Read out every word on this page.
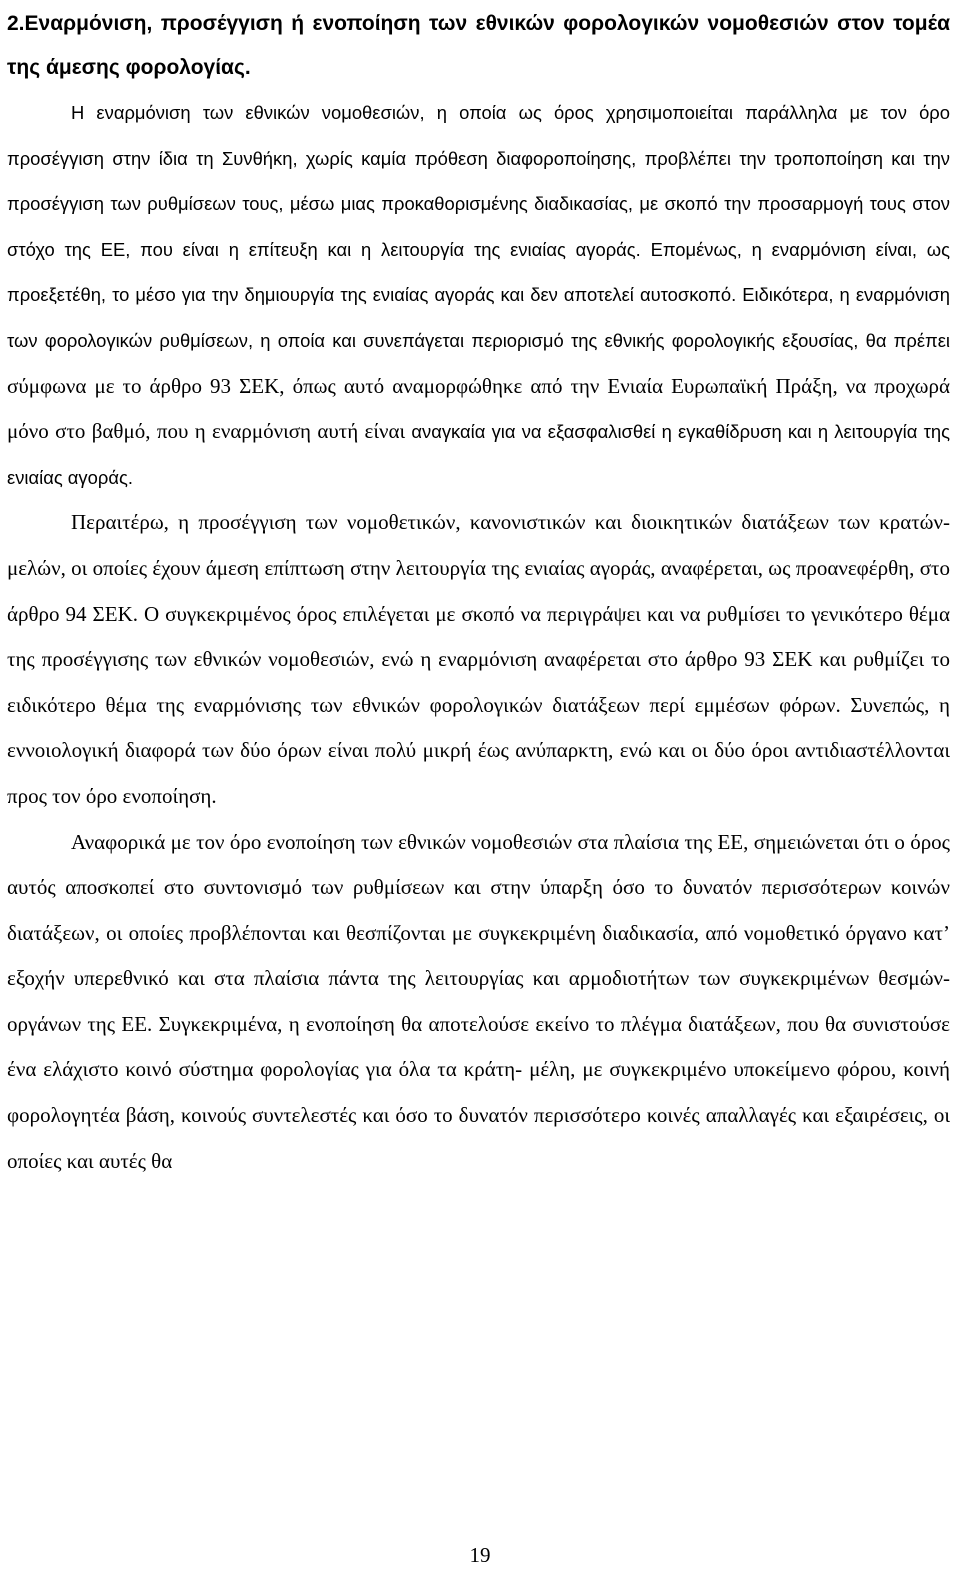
2.Εναρμόνιση, προσέγγιση ή ενοποίηση των εθνικών φορολογικών νομοθεσιών στον τομέα της άμεσης φορολογίας.

Η εναρμόνιση των εθνικών νομοθεσιών, η οποία ως όρος χρησιμοποιείται παράλληλα με τον όρο προσέγγιση στην ίδια τη Συνθήκη, χωρίς καμία πρόθεση διαφοροποίησης, προβλέπει την τροποποίηση και την προσέγγιση των ρυθμίσεων τους, μέσω μιας προκαθορισμένης διαδικασίας, με σκοπό την προσαρμογή τους στον στόχο της ΕΕ, που είναι η επίτευξη και η λειτουργία της ενιαίας αγοράς. Επομένως, η εναρμόνιση είναι, ως προεξετέθη, το μέσο για την δημιουργία της ενιαίας αγοράς και δεν αποτελεί αυτοσκοπό. Ειδικότερα, η εναρμόνιση των φορολογικών ρυθμίσεων, η οποία και συνεπάγεται περιορισμό της εθνικής φορολογικής εξουσίας, θα πρέπει σύμφωνα με το άρθρο 93 ΣΕΚ, όπως αυτό αναμορφώθηκε από την Ενιαία Ευρωπαϊκή Πράξη, να προχωρά μόνο στο βαθμό, που η εναρμόνιση αυτή είναι αναγκαία για να εξασφαλισθεί η εγκαθίδρυση και η λειτουργία της ενιαίας αγοράς.

Περαιτέρω, η προσέγγιση των νομοθετικών, κανονιστικών και διοικητικών διατάξεων των κρατών-μελών, οι οποίες έχουν άμεση επίπτωση στην λειτουργία της ενιαίας αγοράς, αναφέρεται, ως προανεφέρθη, στο άρθρο 94 ΣΕΚ. Ο συγκεκριμένος όρος επιλέγεται με σκοπό να περιγράψει και να ρυθμίσει το γενικότερο θέμα της προσέγγισης των εθνικών νομοθεσιών, ενώ η εναρμόνιση αναφέρεται στο άρθρο 93 ΣΕΚ και ρυθμίζει το ειδικότερο θέμα της εναρμόνισης των εθνικών φορολογικών διατάξεων περί εμμέσων φόρων. Συνεπώς, η εννοιολογική διαφορά των δύο όρων είναι πολύ μικρή έως ανύπαρκτη, ενώ και οι δύο όροι αντιδιαστέλλονται προς τον όρο ενοποίηση.

Αναφορικά με τον όρο ενοποίηση των εθνικών νομοθεσιών στα πλαίσια της ΕΕ, σημειώνεται ότι ο όρος αυτός αποσκοπεί στο συντονισμό των ρυθμίσεων και στην ύπαρξη όσο το δυνατόν περισσότερων κοινών διατάξεων, οι οποίες προβλέπονται και θεσπίζονται με συγκεκριμένη διαδικασία, από νομοθετικό όργανο κατ’ εξοχήν υπερεθνικό και στα πλαίσια πάντα της λειτουργίας και αρμοδιοτήτων των συγκεκριμένων θεσμών-οργάνων της ΕΕ. Συγκεκριμένα, η ενοποίηση θα αποτελούσε εκείνο το πλέγμα διατάξεων, που θα συνιστούσε ένα ελάχιστο κοινό σύστημα φορολογίας για όλα τα κράτη- μέλη, με συγκεκριμένο υποκείμενο φόρου, κοινή φορολογητέα βάση, κοινούς συντελεστές και όσο το δυνατόν περισσότερο κοινές απαλλαγές και εξαιρέσεις, οι οποίες και αυτές θα

19
